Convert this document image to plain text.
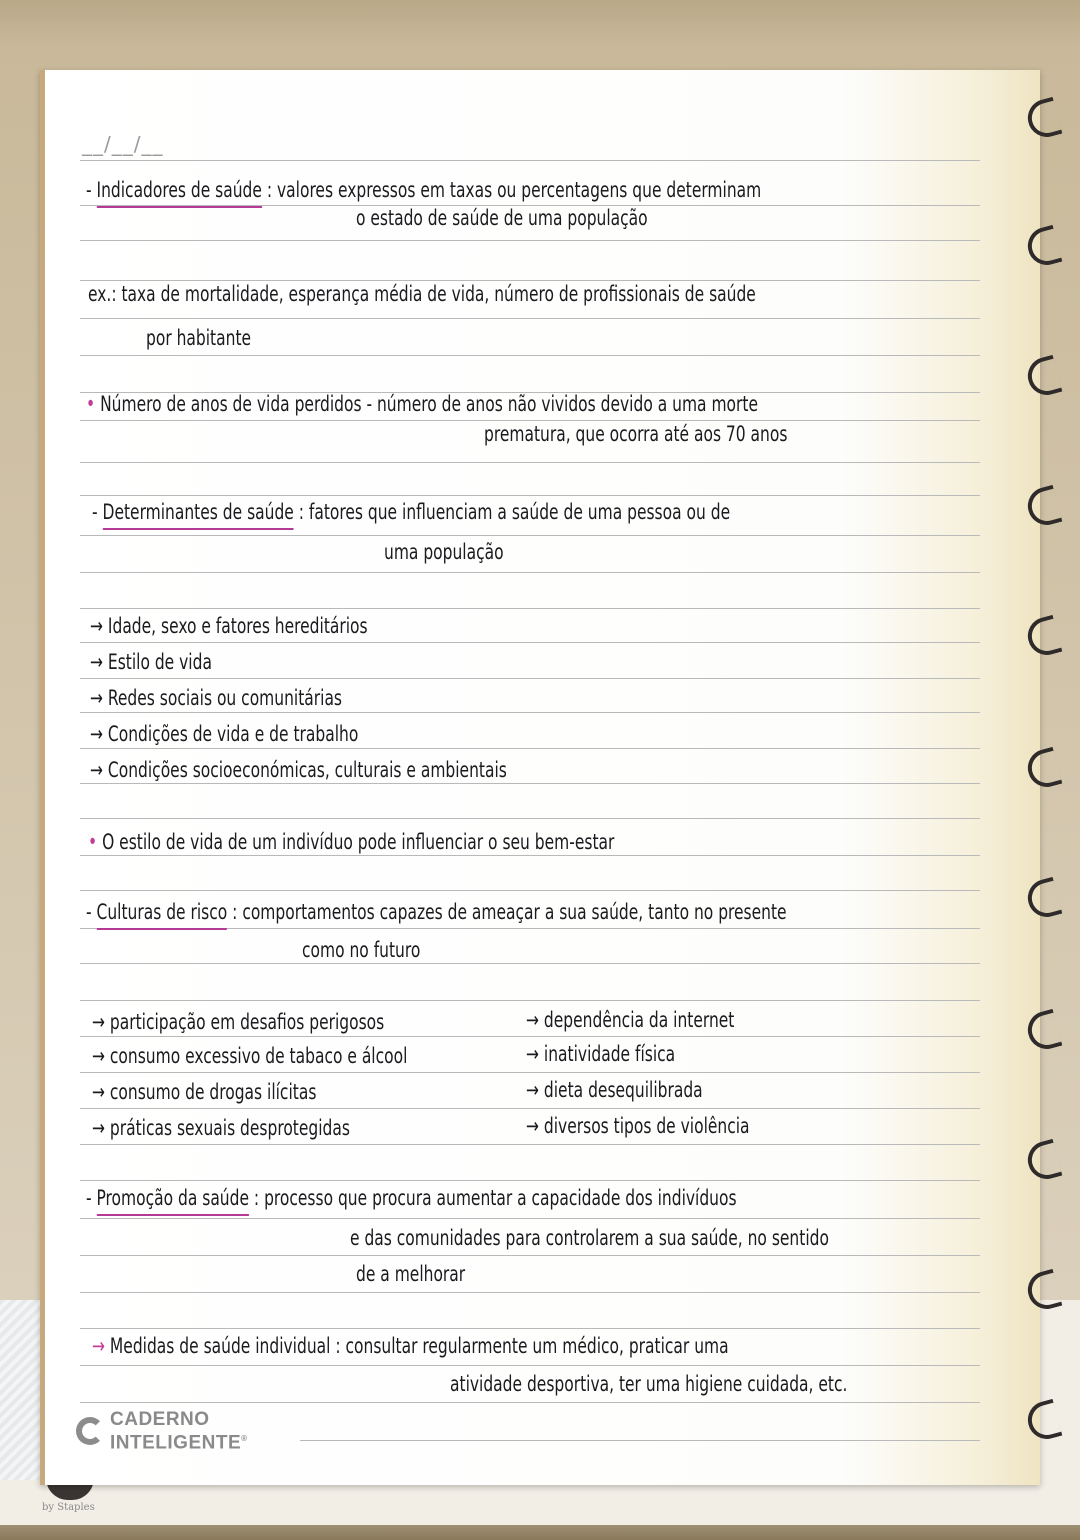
by Staples
__/__/__
- Indicadores de saúde : valores expressos em taxas ou percentagens que determinam
o estado de saúde de uma população
ex.: taxa de mortalidade, esperança média de vida, número de profissionais de saúde
por habitante
• Número de anos de vida perdidos - número de anos não vividos devido a uma morte
prematura, que ocorra até aos 70 anos
- Determinantes de saúde : fatores que influenciam a saúde de uma pessoa ou de
uma população
→ Idade, sexo e fatores hereditários
→ Estilo de vida
→ Redes sociais ou comunitárias
→ Condições de vida e de trabalho
→ Condições socioeconómicas, culturais e ambientais
• O estilo de vida de um indivíduo pode influenciar o seu bem-estar
- Culturas de risco : comportamentos capazes de ameaçar a sua saúde, tanto no presente
como no futuro
→ participação em desafios perigosos
→ consumo excessivo de tabaco e álcool
→ consumo de drogas ilícitas
→ práticas sexuais desprotegidas
→ dependência da internet
→ inatividade física
→ dieta desequilibrada
→ diversos tipos de violência
- Promoção da saúde : processo que procura aumentar a capacidade dos indivíduos
e das comunidades para controlarem a sua saúde, no sentido
de a melhorar
→ Medidas de saúde individual : consultar regularmente um médico, praticar uma
atividade desportiva, ter uma higiene cuidada, etc.
CADERNO
INTELIGENTE®
